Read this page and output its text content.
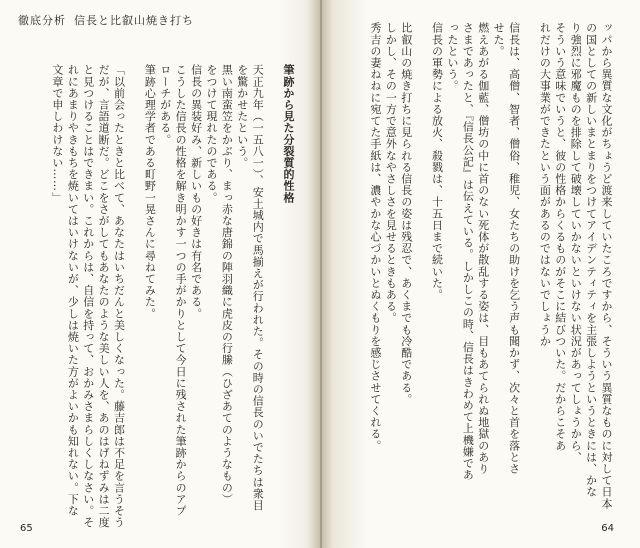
徹底分析 信長と比叡山焼き打ち

筆跡から見た分裂質的性格

天正九年（一五八一）、安土城内で馬揃えが行われた。その時の信長のいでたちは衆目

を驚かせたという。

黒い南蛮笠をかぶり、まっ赤な唐錦の陣羽織に虎皮の行縢（ひざあてのようなもの）

をつけて現れたのである。

信長の異装好み、新しいもの好きは有名である。

こうした信長の性格を解き明かす一つの手がかりとして今日に残された筆跡からのアプ

ローチがある。

筆跡心理学者である町野一晃さんに尋ねてみた。

「以前会ったときと比べて、あなたはいちだんと美しくなった。藤吉郎は不足を言うそう

だが、言語道断だ。どこをさがしてもあなたのような美しい人を、あのはげねずみは二度

と見つけることはできまい。これからは、自信を持って、おかみさまらしくしなさい。そ

れにあまりやきもちを焼いてはいけないが、少しは焼いた方がよいかも知れない。下な

文章で申しわけない……」

65

ッパから異質な文化がちょうど渡来していたころですから、そういう異質なものに対して日本

の国としての新しいまとまりをつけてアイデンティティを主張しようというときには、かな

り強烈に邪魔ものを排除して破壊していかないといけない状況があってしょうから、

そういう意味でいうと、彼の性格からくるものがそこに結びついた。だからこそあ

れだけの大事業ができたという面があるのではないでしょうか

信長は、高僧、智者、僧俗、稚児、女たちの助けを乞う声も聞かず、次々と首を落とさ

せた。

燃えあがる伽藍、僧坊の中に首のない死体が散乱する姿は、目もあてられぬ地獄のあり

さまであったと、『信長公記』は伝えている。しかしこの時、信長はきわめて上機嫌であ

ったという。

信長の軍勢による放火、殺戮は、十五日まで続いた。

比叡山の焼き打ちに見られる信長の姿は残忍で、あくまでも冷酷である。

しかし、その一方で意外なやさしさを見せるときもある。

秀吉の妻ねねに宛てた手紙は、濃やかな心づかいとぬくもりを感じさせてくれる。

64
